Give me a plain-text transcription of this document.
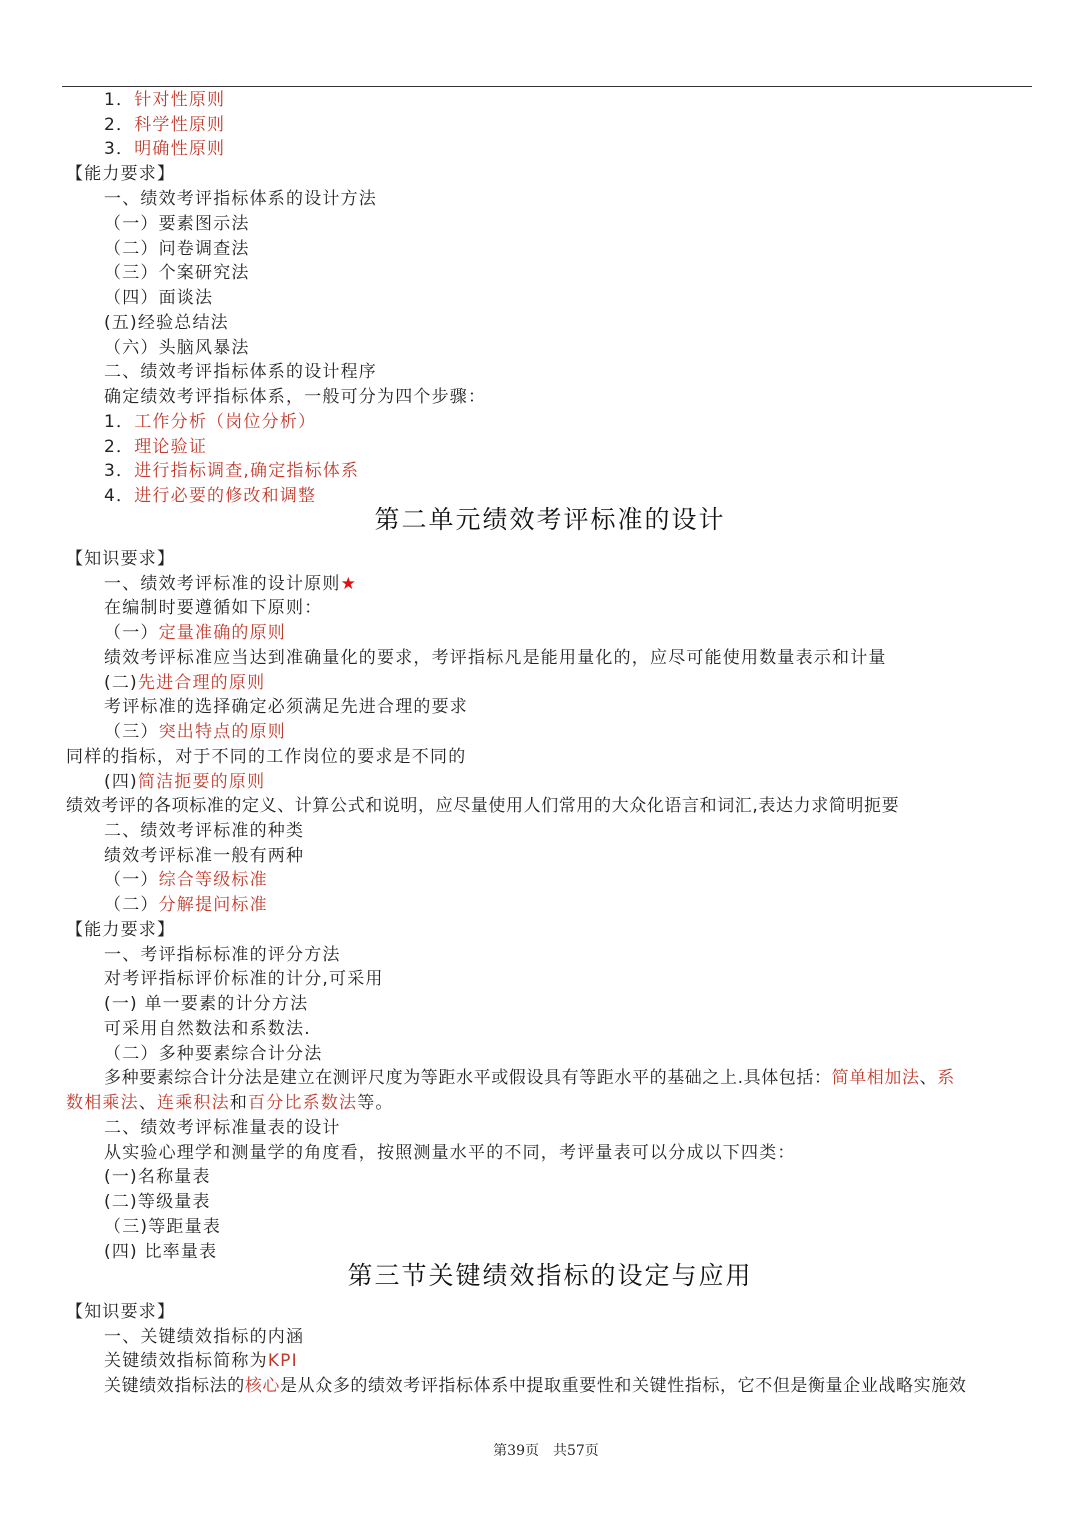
1．针对性原则
2．科学性原则
3．明确性原则
【能力要求】
一、绩效考评指标体系的设计方法
（一）要素图示法
（二）问卷调查法
（三）个案研究法
（四）面谈法
(五)经验总结法
（六）头脑风暴法
二、绩效考评指标体系的设计程序
确定绩效考评指标体系，一般可分为四个步骤：
1．工作分析（岗位分析）
2．理论验证
3．进行指标调查,确定指标体系
4．进行必要的修改和调整
第二单元绩效考评标准的设计
【知识要求】
一、绩效考评标准的设计原则★
在编制时要遵循如下原则：
（一）定量准确的原则
绩效考评标准应当达到准确量化的要求，考评指标凡是能用量化的，应尽可能使用数量表示和计量
(二)先进合理的原则
考评标准的选择确定必须满足先进合理的要求
（三）突出特点的原则
同样的指标，对于不同的工作岗位的要求是不同的
(四)简洁扼要的原则
绩效考评的各项标准的定义、计算公式和说明，应尽量使用人们常用的大众化语言和词汇,表达力求简明扼要
二、绩效考评标准的种类
绩效考评标准一般有两种
（一）综合等级标准
（二）分解提问标准
【能力要求】
一、考评指标标准的评分方法
对考评指标评价标准的计分,可采用
(一) 单一要素的计分方法
可采用自然数法和系数法.
（二）多种要素综合计分法
多种要素综合计分法是建立在测评尺度为等距水平或假设具有等距水平的基础之上.具体包括：简单相加法、系
数相乘法、连乘积法和百分比系数法等。
二、绩效考评标准量表的设计
从实验心理学和测量学的角度看，按照测量水平的不同，考评量表可以分成以下四类：
(一)名称量表
(二)等级量表
（三)等距量表
(四) 比率量表
第三节关键绩效指标的设定与应用
【知识要求】
一、关键绩效指标的内涵
关键绩效指标简称为KPI
关键绩效指标法的核心是从众多的绩效考评指标体系中提取重要性和关键性指标，它不但是衡量企业战略实施效
第39页　共57页
